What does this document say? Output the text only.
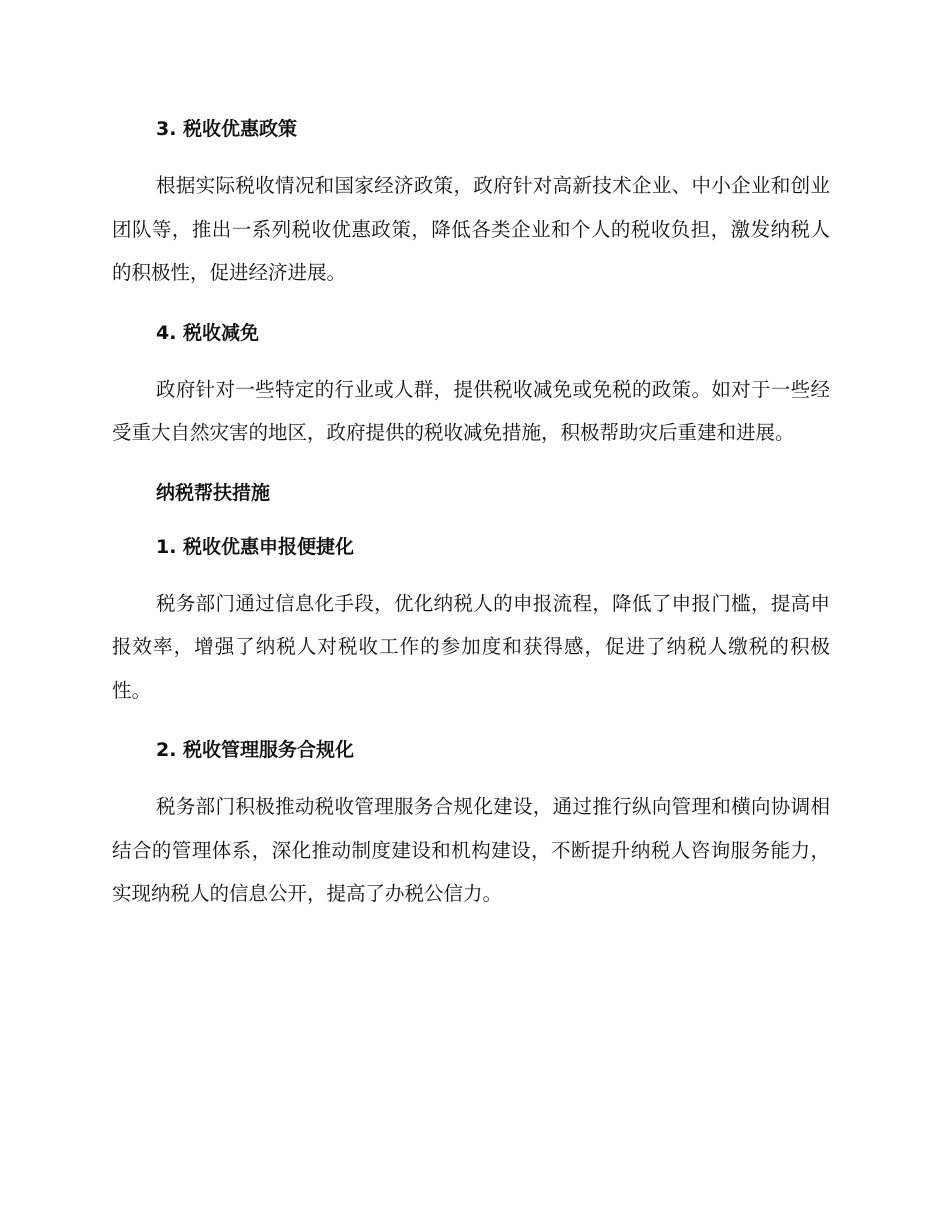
3. 税收优惠政策

根据实际税收情况和国家经济政策，政府针对高新技术企业、中小企业和创业团队等，推出一系列税收优惠政策，降低各类企业和个人的税收负担，激发纳税人的积极性，促进经济进展。

4. 税收减免

政府针对一些特定的行业或人群，提供税收减免或免税的政策。如对于一些经受重大自然灾害的地区，政府提供的税收减免措施，积极帮助灾后重建和进展。

纳税帮扶措施
1. 税收优惠申报便捷化

税务部门通过信息化手段，优化纳税人的申报流程，降低了申报门槛，提高申报效率，增强了纳税人对税收工作的参加度和获得感，促进了纳税人缴税的积极性。

2. 税收管理服务合规化

税务部门积极推动税收管理服务合规化建设，通过推行纵向管理和横向协调相结合的管理体系，深化推动制度建设和机构建设，不断提升纳税人咨询服务能力，实现纳税人的信息公开，提高了办税公信力。
